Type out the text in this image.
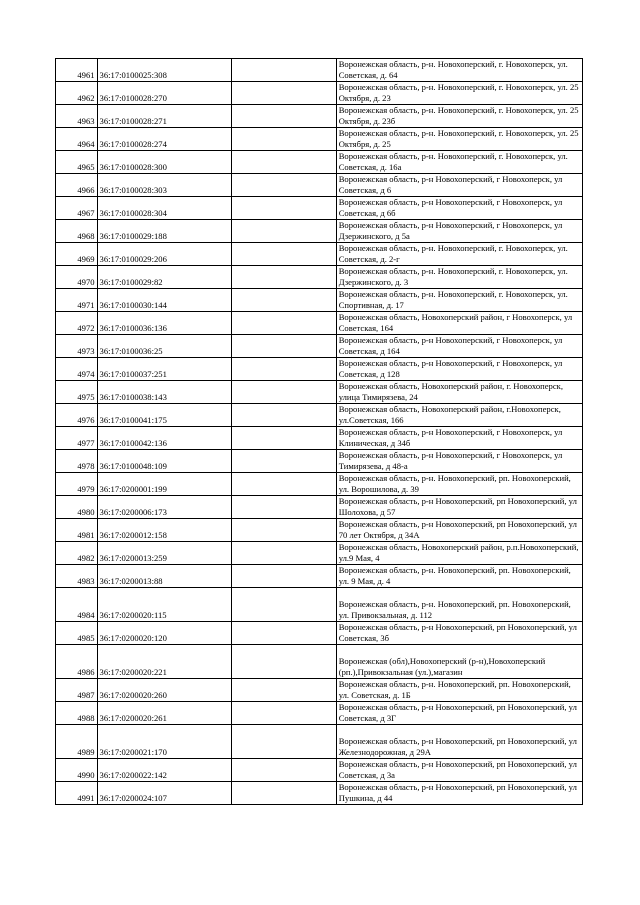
4961	36:17:0100025:308		Воронежская область, р-н. Новохоперский, г. Новохоперск, ул. Советская, д. 64
4962	36:17:0100028:270		Воронежская область, р-н. Новохоперский, г. Новохоперск, ул. 25 Октября, д. 23
4963	36:17:0100028:271		Воронежская область, р-н. Новохоперский, г. Новохоперск, ул. 25 Октября, д. 23б
4964	36:17:0100028:274		Воронежская область, р-н. Новохоперский, г. Новохоперск, ул. 25 Октября, д. 25
4965	36:17:0100028:300		Воронежская область, р-н. Новохоперский, г. Новохоперск, ул. Советская, д. 16а
4966	36:17:0100028:303		Воронежская область, р-н Новохоперский, г Новохоперск, ул Советская, д 6
4967	36:17:0100028:304		Воронежская область, р-н Новохоперский, г Новохоперск, ул Советская, д 6б
4968	36:17:0100029:188		Воронежская область, р-н Новохоперский, г Новохоперск, ул Дзержинского, д 5а
4969	36:17:0100029:206		Воронежская область, р-н. Новохоперский, г. Новохоперск, ул. Советская, д. 2-г
4970	36:17:0100029:82		Воронежская область, р-н. Новохоперский, г. Новохоперск, ул. Дзержинского, д. 3
4971	36:17:0100030:144		Воронежская область, р-н. Новохоперский, г. Новохоперск, ул. Спортивная, д. 17
4972	36:17:0100036:136		Воронежская область, Новохоперский район, г Новохоперск, ул Советская, 164
4973	36:17:0100036:25		Воронежская область, р-н Новохоперский, г Новохоперск, ул Советская, д 164
4974	36:17:0100037:251		Воронежская область, р-н Новохоперский, г Новохоперск, ул Советская, д 128
4975	36:17:0100038:143		Воронежская область, Новохоперский район, г. Новохоперск, улица Тимирязева, 24
4976	36:17:0100041:175		Воронежская область, Новохоперский район, г.Новохоперск, ул.Советская, 166
4977	36:17:0100042:136		Воронежская область, р-н Новохоперский, г Новохоперск, ул Клиническая, д 34б
4978	36:17:0100048:109		Воронежская область, р-н Новохоперский, г Новохоперск, ул Тимирязева, д 48-а
4979	36:17:0200001:199		Воронежская область, р-н. Новохоперский, рп. Новохоперский, ул. Ворошилова, д. 39
4980	36:17:0200006:173		Воронежская область, р-н Новохоперский, рп Новохоперский, ул Шолохова, д 57
4981	36:17:0200012:158		Воронежская область, р-н Новохоперский, рп Новохоперский, ул 70 лет Октября, д 34А
4982	36:17:0200013:259		Воронежская область, Новохоперский район, р.п.Новохоперский, ул.9 Мая, 4
4983	36:17:0200013:88		Воронежская область, р-н. Новохоперский, рп. Новохоперский, ул. 9 Мая, д. 4
4984	36:17:0200020:115		Воронежская область, р-н. Новохоперский, рп. Новохоперский, ул. Привокзальная, д. 112
4985	36:17:0200020:120		Воронежская область, р-н Новохоперский, рп Новохоперский, ул Советская, 3б
4986	36:17:0200020:221		Воронежская (обл),Новохоперский (р-н),Новохоперский (рп.),Привокзальная (ул.),магазин
4987	36:17:0200020:260		Воронежская область, р-н. Новохоперский, рп. Новохоперский, ул. Советская, д. 1Б
4988	36:17:0200020:261		Воронежская область, р-н Новохоперский, рп Новохоперский, ул Советская, д 3Г
4989	36:17:0200021:170		Воронежская область, р-н Новохоперский, рп Новохоперский, ул Железнодорожная, д 29А
4990	36:17:0200022:142		Воронежская область, р-н Новохоперский, рп Новохоперский, ул Советская, д 3а
4991	36:17:0200024:107		Воронежская область, р-н Новохоперский, рп Новохоперский, ул Пушкина, д 44
